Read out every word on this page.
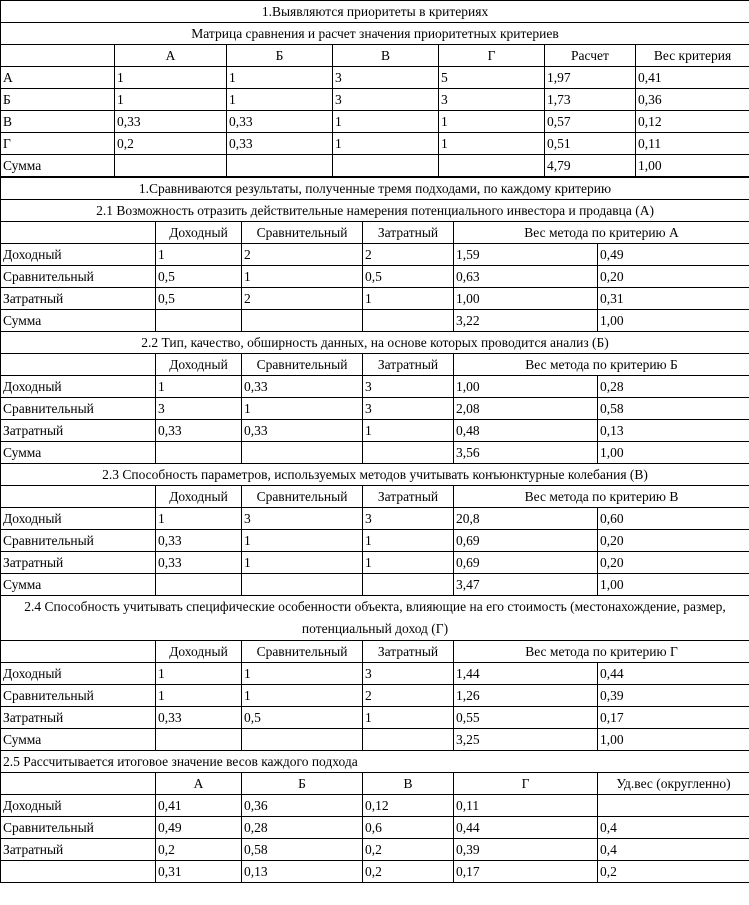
1.Выявляются приоритеты в критериях						
Матрица сравнения и расчет значения приоритетных критериев						
	А	Б	В	Г	Расчет	Вес критерия
А	1	1	3	5	1,97	0,41
Б	1	1	3	3	1,73	0,36
В	0,33	0,33	1	1	0,57	0,12
Г	0,2	0,33	1	1	0,51	0,11
Сумма					4,79	1,00
1.Сравниваются результаты, полученные тремя подходами, по каждому критерию					
2.1 Возможность отразить действительные намерения потенциального инвестора и продавца (А)					
	Доходный	Сравнительный	Затратный	Вес метода по критерию А	
Доходный	1	2	2	1,59	0,49
Сравнительный	0,5	1	0,5	0,63	0,20
Затратный	0,5	2	1	1,00	0,31
Сумма				3,22	1,00
2.2 Тип, качество, обширность данных, на основе которых проводится анализ (Б)					
	Доходный	Сравнительный	Затратный	Вес метода по критерию Б	
Доходный	1	0,33	3	1,00	0,28
Сравнительный	3	1	3	2,08	0,58
Затратный	0,33	0,33	1	0,48	0,13
Сумма				3,56	1,00
2.3 Способность параметров, используемых методов учитывать конъюнктурные колебания (В)					
	Доходный	Сравнительный	Затратный	Вес метода по критерию В	
Доходный	1	3	3	20,8	0,60
Сравнительный	0,33	1	1	0,69	0,20
Затратный	0,33	1	1	0,69	0,20
Сумма				3,47	1,00
2.4 Способность учитывать специфические особенности объекта, влияющие на его стоимость (местонахождение, размер, потенциальный доход (Г)					
	Доходный	Сравнительный	Затратный	Вес метода по критерию Г	
Доходный	1	1	3	1,44	0,44
Сравнительный	1	1	2	1,26	0,39
Затратный	0,33	0,5	1	0,55	0,17
Сумма				3,25	1,00
2.5 Рассчитывается итоговое значение весов каждого подхода					
	А	Б	В	Г	Уд.вес (округленно)
Доходный	0,41	0,36	0,12	0,11	
Сравнительный	0,49	0,28	0,6	0,44	0,4
Затратный	0,2	0,58	0,2	0,39	0,4
	0,31	0,13	0,2	0,17	0,2
